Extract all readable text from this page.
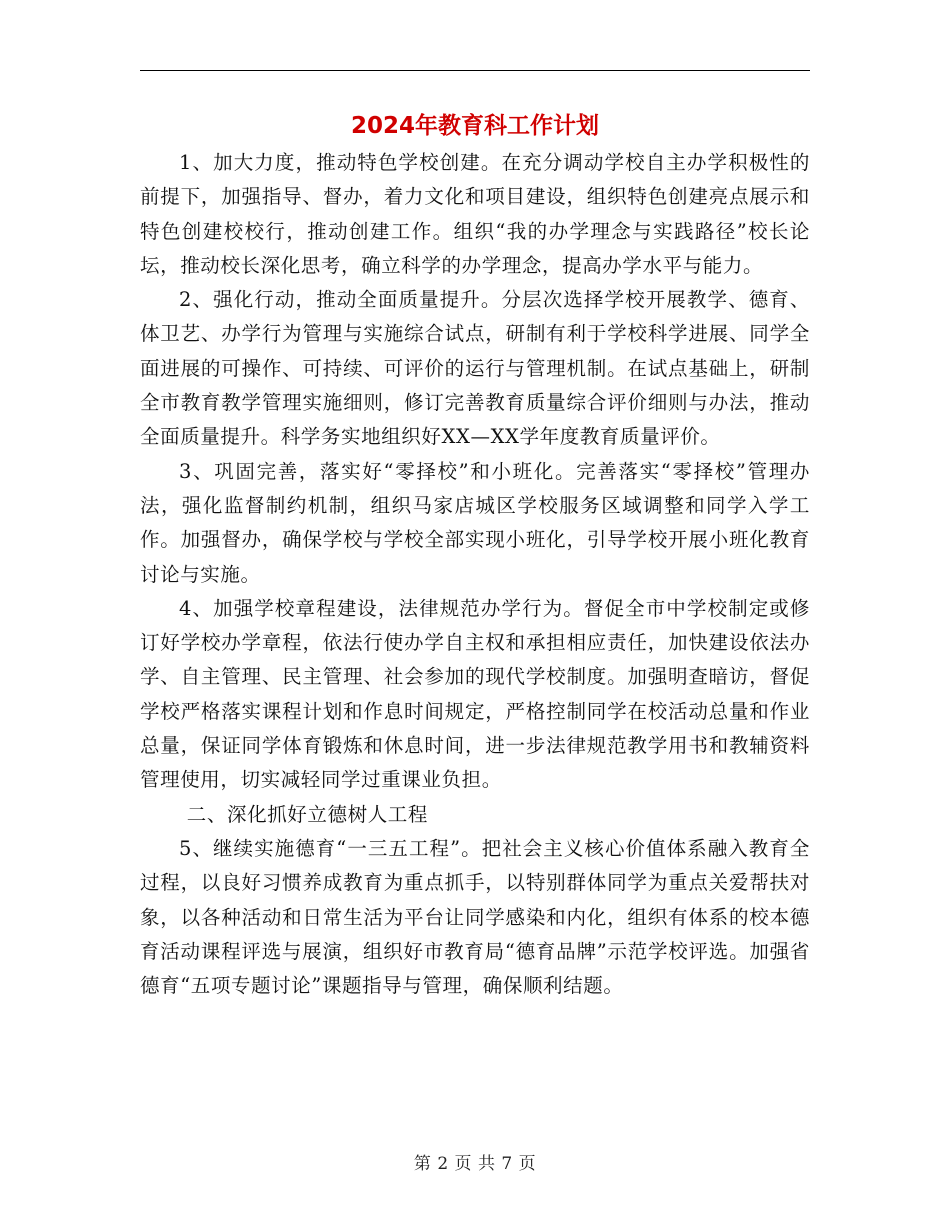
2024年教育科工作计划

1、加大力度，推动特色学校创建。在充分调动学校自主办学积极性的前提下，加强指导、督办，着力文化和项目建设，组织特色创建亮点展示和特色创建校校行，推动创建工作。组织“我的办学理念与实践路径”校长论坛，推动校长深化思考，确立科学的办学理念，提高办学水平与能力。

2、强化行动，推动全面质量提升。分层次选择学校开展教学、德育、体卫艺、办学行为管理与实施综合试点，研制有利于学校科学进展、同学全面进展的可操作、可持续、可评价的运行与管理机制。在试点基础上，研制全市教育教学管理实施细则，修订完善教育质量综合评价细则与办法，推动全面质量提升。科学务实地组织好XX—XX学年度教育质量评价。

3、巩固完善，落实好“零择校”和小班化。完善落实“零择校”管理办法，强化监督制约机制，组织马家店城区学校服务区域调整和同学入学工作。加强督办，确保学校与学校全部实现小班化，引导学校开展小班化教育讨论与实施。

4、加强学校章程建设，法律规范办学行为。督促全市中学校制定或修订好学校办学章程，依法行使办学自主权和承担相应责任，加快建设依法办学、自主管理、民主管理、社会参加的现代学校制度。加强明查暗访，督促学校严格落实课程计划和作息时间规定，严格控制同学在校活动总量和作业总量，保证同学体育锻炼和休息时间，进一步法律规范教学用书和教辅资料管理使用，切实减轻同学过重课业负担。

二、深化抓好立德树人工程

5、继续实施德育“一三五工程”。把社会主义核心价值体系融入教育全过程，以良好习惯养成教育为重点抓手，以特别群体同学为重点关爱帮扶对象，以各种活动和日常生活为平台让同学感染和内化，组织有体系的校本德育活动课程评选与展演，组织好市教育局“德育品牌”示范学校评选。加强省德育“五项专题讨论”课题指导与管理，确保顺利结题。

第 2 页 共 7 页
